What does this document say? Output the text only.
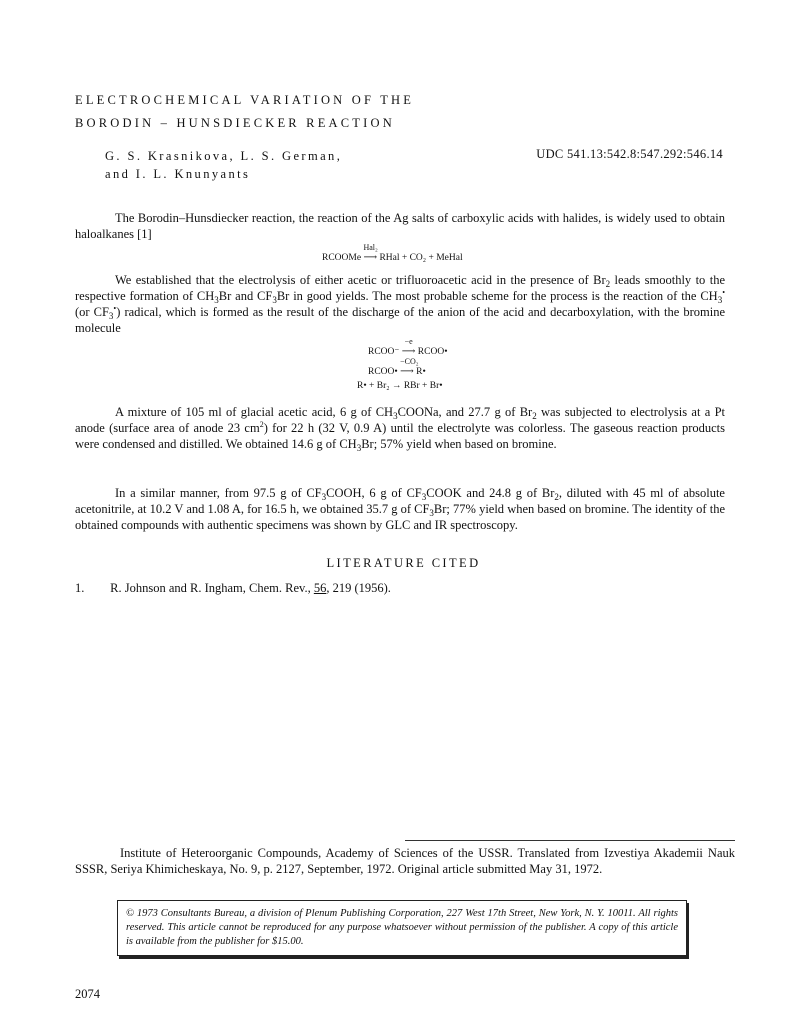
ELECTROCHEMICAL VARIATION OF THE
BORODIN – HUNSDIECKER REACTION
G. S. Krasnikova, L. S. German,
and I. L. Knunyants
UDC 541.13:542.8:547.292:546.14

The Borodin–Hunsdiecker reaction, the reaction of the Ag salts of carboxylic acids with halides, is widely used to obtain haloalkanes [1]

RCOOMe
Hal₂
⟶ RHal + CO₂ + MeHal

We established that the electrolysis of either acetic or trifluoroacetic acid in the presence of $Br_2$ leads smoothly to the respective formation of $CH_3Br$ and $CF_3Br$ in good yields. The most probable scheme for the process is the reaction of the $CH_3^•$ (or $CF_3^•$) radical, which is formed as the result of the discharge of the anion of the acid and decarboxylation, with the bromine molecule

RCOO⁻
−e
⟶ RCOO•
RCOO•
−CO₂
⟶ R•
R• + Br₂ → RBr + Br•

A mixture of 105 ml of glacial acetic acid, 6 g of $CH_3COONa$, and 27.7 g of $Br_2$ was subjected to electrolysis at a Pt anode (surface area of anode 23 $cm^2$) for 22 h (32 V, 0.9 A) until the electrolyte was colorless. The gaseous reaction products were condensed and distilled. We obtained 14.6 g of $CH_3Br$; 57% yield when based on bromine.

In a similar manner, from 97.5 g of $CF_3COOH$, 6 g of $CF_3COOK$ and 24.8 g of $Br_2$, diluted with 45 ml of absolute acetonitrile, at 10.2 V and 1.08 A, for 16.5 h, we obtained 35.7 g of $CF_3Br$; 77% yield when based on bromine. The identity of the obtained compounds with authentic specimens was shown by GLC and IR spectroscopy.

LITERATURE CITED
1. R. Johnson and R. Ingham, Chem. Rev., 56, 219 (1956).
Institute of Heteroorganic Compounds, Academy of Sciences of the USSR. Translated from Izvestiya Akademii Nauk SSSR, Seriya Khimicheskaya, No. 9, p. 2127, September, 1972. Original article submitted May 31, 1972.
© 1973 Consultants Bureau, a division of Plenum Publishing Corporation, 227 West 17th Street, New York, N. Y. 10011. All rights reserved. This article cannot be reproduced for any purpose whatsoever without permission of the publisher. A copy of this article is available from the publisher for $15.00.
2074
